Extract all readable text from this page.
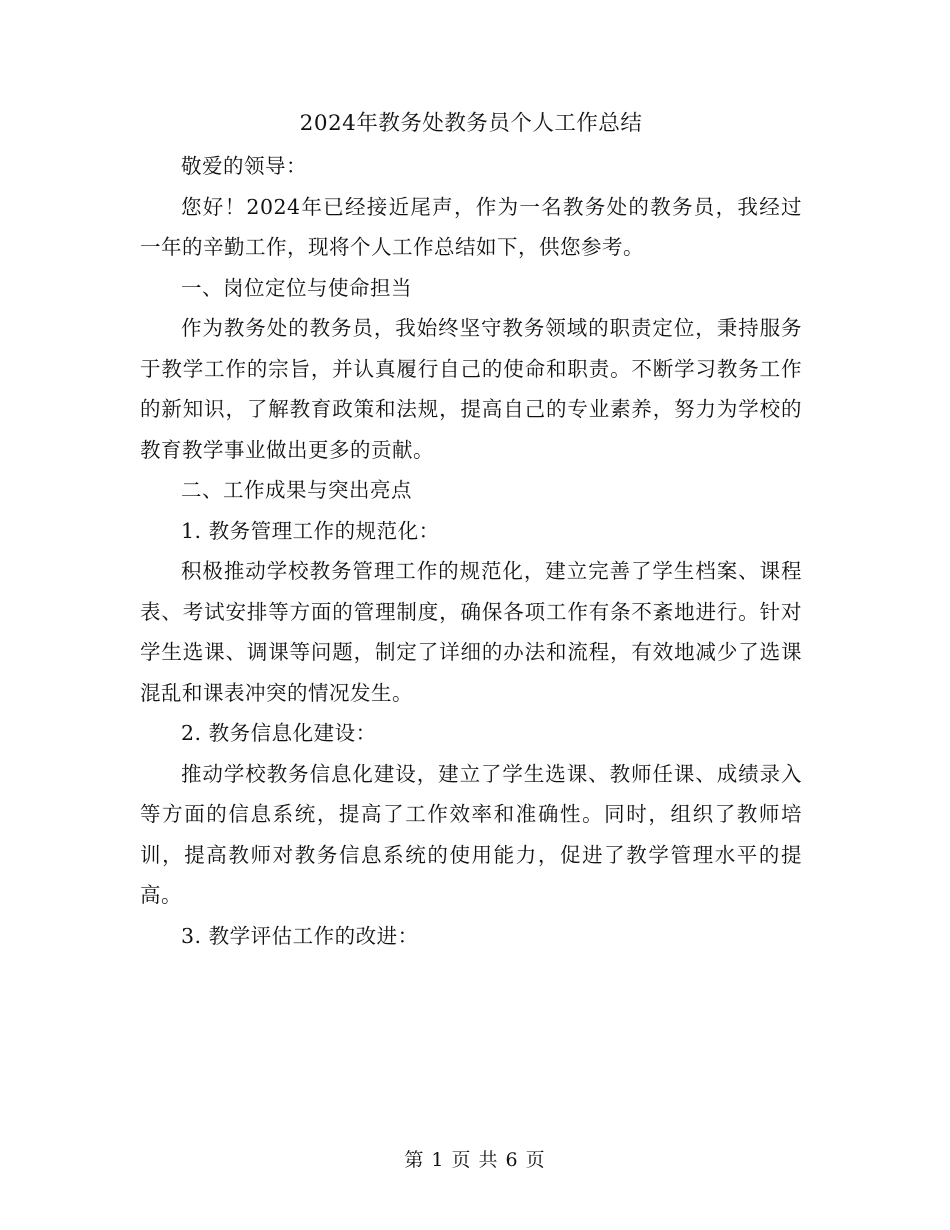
2024年教务处教务员个人工作总结

敬爱的领导：

您好！2024年已经接近尾声，作为一名教务处的教务员，我经过一年的辛勤工作，现将个人工作总结如下，供您参考。

一、岗位定位与使命担当

作为教务处的教务员，我始终坚守教务领域的职责定位，秉持服务于教学工作的宗旨，并认真履行自己的使命和职责。不断学习教务工作的新知识，了解教育政策和法规，提高自己的专业素养，努力为学校的教育教学事业做出更多的贡献。

二、工作成果与突出亮点

1. 教务管理工作的规范化：

积极推动学校教务管理工作的规范化，建立完善了学生档案、课程表、考试安排等方面的管理制度，确保各项工作有条不紊地进行。针对学生选课、调课等问题，制定了详细的办法和流程，有效地减少了选课混乱和课表冲突的情况发生。

2. 教务信息化建设：

推动学校教务信息化建设，建立了学生选课、教师任课、成绩录入等方面的信息系统，提高了工作效率和准确性。同时，组织了教师培训，提高教师对教务信息系统的使用能力，促进了教学管理水平的提高。

3. 教学评估工作的改进：

第 1 页 共 6 页
